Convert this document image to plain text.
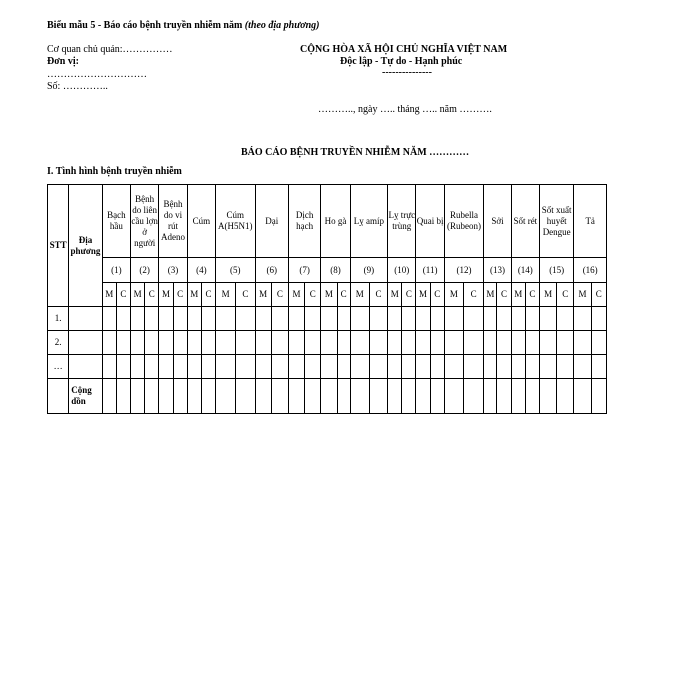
Biểu mẫu 5 - Báo cáo bệnh truyền nhiễm năm (theo địa phương)
Cơ quan chủ quản:……………
Đơn vị:
…………………………
Số: …………..
CỘNG HÒA XÃ HỘI CHỦ NGHĨA VIỆT NAM
Độc lập - Tự do - Hạnh phúc
---------------
……….., ngày ….. tháng ….. năm ……….
BÁO CÁO BỆNH TRUYỀN NHIỄM NĂM …………
I. Tình hình bệnh truyền nhiễm
STT	Địa phương	Bạch hầu		Bệnh do liên cầu lợn ở người		Bệnh do vi rút Adeno		Cúm		Cúm A(H5N1)		Dại		Dịch hạch		Ho gà		Lỵ amíp		Lỵ trực trùng		Quai bị		Rubella (Rubeon)		Sởi		Sốt rét		Sốt xuất huyết Dengue		Tả	
		(1)		(2)		(3)		(4)		(5)		(6)		(7)		(8)		(9)		(10)		(11)		(12)		(13)		(14)		(15)		(16)	
		M	C	M	C	M	C	M	C	M	C	M	C	M	C	M	C	M	C	M	C	M	C	M	C	M	C	M	C	M	C	M	C
1.																																	
2.																																	
…																																	
	Cộng dồn																																
